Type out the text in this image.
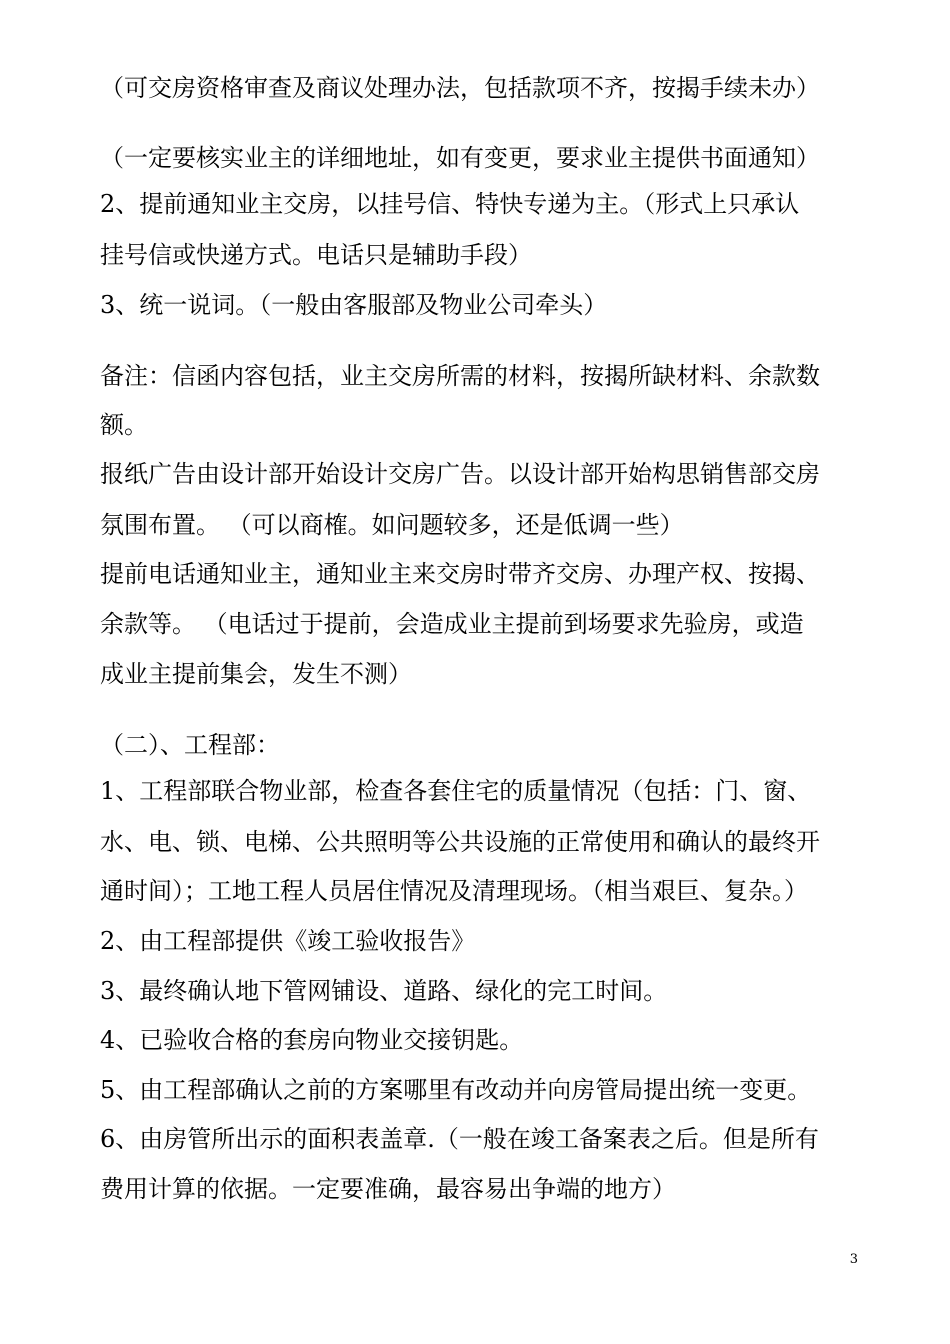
（可交房资格审查及商议处理办法，包括款项不齐，按揭手续未办）
（一定要核实业主的详细地址，如有变更，要求业主提供书面通知）
2、提前通知业主交房，以挂号信、特快专递为主。（形式上只承认
挂号信或快递方式。电话只是辅助手段）
3、统一说词。（一般由客服部及物业公司牵头）
备注：信函内容包括，业主交房所需的材料，按揭所缺材料、余款数
额。
报纸广告由设计部开始设计交房广告。以设计部开始构思销售部交房
氛围布置。 （可以商榷。如问题较多，还是低调一些）
提前电话通知业主，通知业主来交房时带齐交房、办理产权、按揭、
余款等。 （电话过于提前，会造成业主提前到场要求先验房，或造
成业主提前集会，发生不测）
（二）、工程部：
1、工程部联合物业部，检查各套住宅的质量情况（包括：门、窗、
水、电、锁、电梯、公共照明等公共设施的正常使用和确认的最终开
通时间）；工地工程人员居住情况及清理现场。（相当艰巨、复杂。）
2、由工程部提供《竣工验收报告》
3、最终确认地下管网铺设、道路、绿化的完工时间。
4、已验收合格的套房向物业交接钥匙。
5、由工程部确认之前的方案哪里有改动并向房管局提出统一变更。
6、由房管所出示的面积表盖章.（一般在竣工备案表之后。但是所有
费用计算的依据。一定要准确，最容易出争端的地方）
3
